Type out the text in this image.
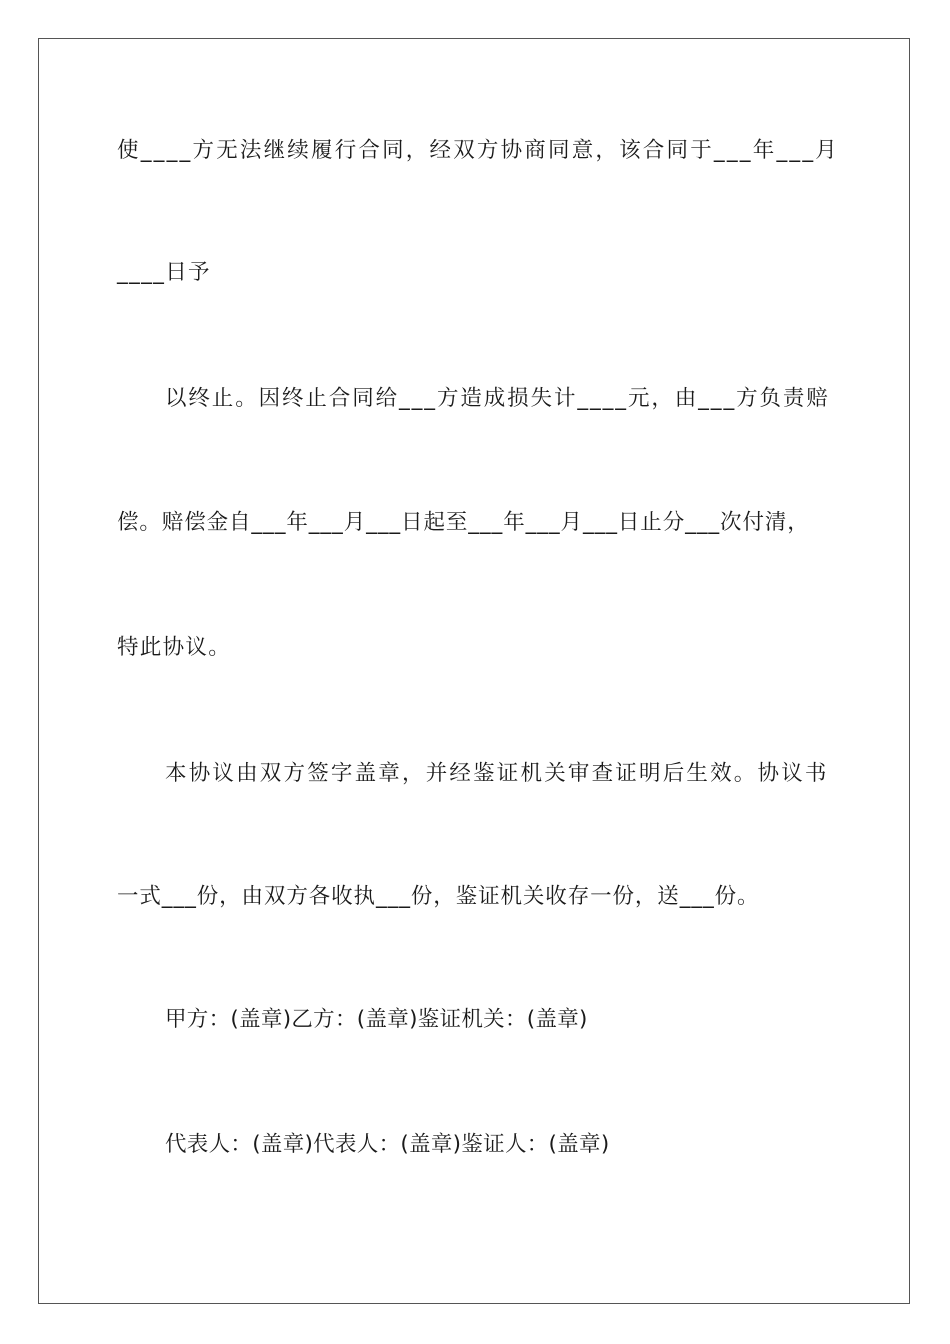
使____方无法继续履行合同，经双方协商同意，该合同于___年___月
____日予
以终止。因终止合同给___方造成损失计____元，由___方负责赔
偿。赔偿金自___年___月___日起至___年___月___日止分___次付清，
特此协议。
本协议由双方签字盖章，并经鉴证机关审查证明后生效。协议书
一式___份，由双方各收执___份，鉴证机关收存一份，送___份。
甲方：(盖章)乙方：(盖章)鉴证机关：(盖章)
代表人：(盖章)代表人：(盖章)鉴证人：(盖章)
